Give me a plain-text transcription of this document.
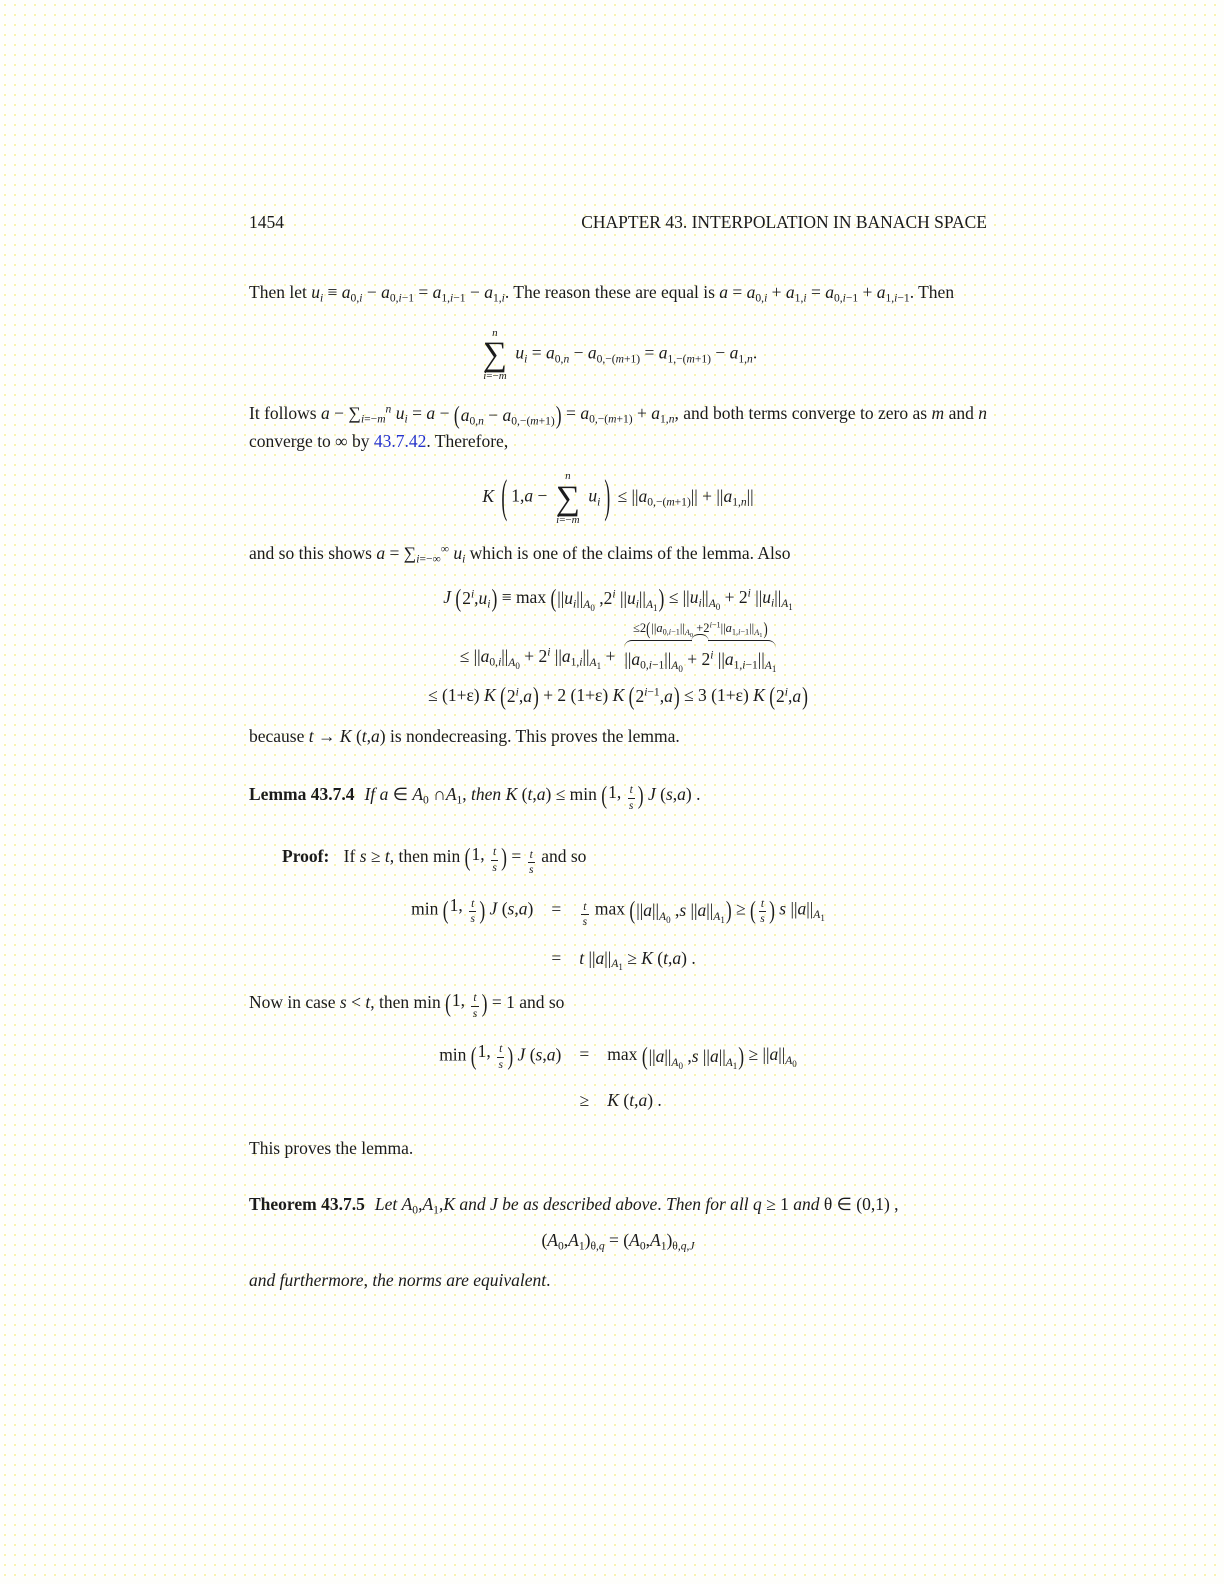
1454	CHAPTER 43. INTERPOLATION IN BANACH SPACE

Then let $u_i \equiv a_{0,i} - a_{0,i-1} = a_{1,i-1} - a_{1,i}$. The reason these are equal is $a = a_{0,i} + a_{1,i} = a_{0,i-1} + a_{1,i-1}$. Then

n
∑
i=−m
$u_i = a_{0,n} - a_{0,-(m+1)} = a_{1,-(m+1)} - a_{1,n}$.

It follows $a - \sum_{i=-m}^n$ $u_i = a$ − ( $a_{0,n} - a_{0,-(m+1)}$ ) = $a_{0,-(m+1)} + a_{1,n}$, and both terms converge to zero as m and n converge to ∞ by 43.7.42. Therefore,

K ( 1,a −
n
∑
i=−m
$u_i$ ) ≤ $||a_{0,-(m+1)}|| + ||a_{1,n}||$

and so this shows $a = \sum_{i=-\infty}^\infty$ $u_i$ which is one of the claims of the lemma. Also

J ( $2^i,u_i$ ) ≡ max ( $||u_i||_{A_0}$ ,2$^i$ $||u_i||_{A_1}$ ) ≤ $||u_i||_{A_0} + 2^i$ $||u_i||_{A_1}$
≤ $||a_{0,i}||_{A_0} + 2^i$ $||a_{1,i}||_{A_1}$ +
≤2 ( $||a_{0,i-1}||_{A_0} +2^{i-1}||a_{1,i-1}||_{A_1}$ )
$||a_{0,i-1}||_{A_0} + 2^i$ $||a_{1,i-1}||_{A_1}$
≤ (1+ε) K ( 2$^i$,a ) + 2 (1+ε) K ( $2^{i-1},a$ ) ≤ 3 (1+ε) K ( 2$^i$,a )

because t → K (t,a) is nondecreasing. This proves the lemma.

Lemma 43.7.4 If a ∈ $A_0$ $\cap A_1$, then K (t,a) ≤ min ( 1, $\frac{t}{s}$ ) J (s,a) .

Proof: If s ≥ t, then min ( 1, $\frac{t}{s}$ ) = $\frac{t}{s}$ and so

min ( 1, $\frac{t}{s}$ ) J (s,a)	=	$\frac{t}{s}$ max ( $||a||_{A_0}$ ,s $||a||_{A_1}$ ) ≥ ( $\frac{t}{s}$ ) s $||a||_{A_1}$
=	t $||a||_{A_1} \ge K$ (t,a) .

Now in case s < t, then min ( 1, $\frac{t}{s}$ ) = 1 and so

min ( 1, $\frac{t}{s}$ ) J (s,a)	=	max ( $||a||_{A_0}$ ,s $||a||_{A_1}$ ) ≥ $||a||_{A_0}$
≥	K (t,a) .

This proves the lemma.

Theorem 43.7.5 Let $A_0,A_1,K$ and J be as described above. Then for all q ≥ 1 and θ ∈ (0,1) ,

$(A_0,A_1)_{\theta,q} = (A_0,A_1)_{\theta,q,J}$

and furthermore, the norms are equivalent.
